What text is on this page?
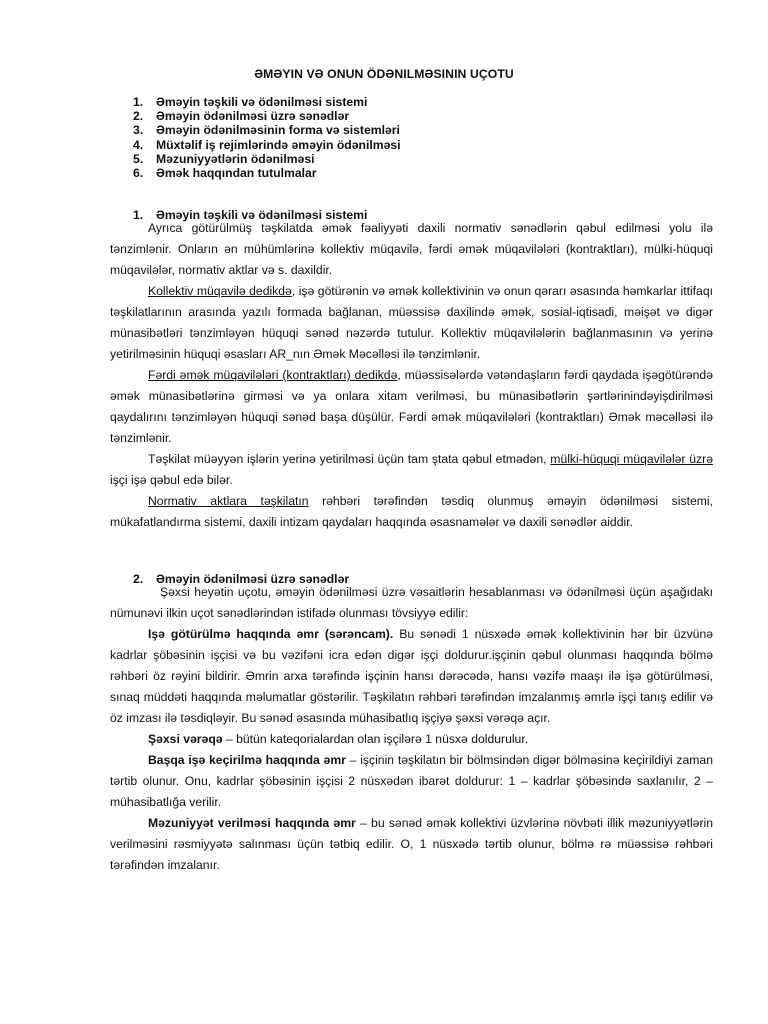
ƏMƏYIN VƏ ONUN ÖDƏNILMƏSININ UÇOTU
1. Əməyin təşkili və ödənilməsi sistemi
2. Əməyin ödənilməsi üzrə sənədlər
3. Əməyin ödənilməsinin forma və sistemləri
4. Müxtəlif iş rejimlərində əməyin ödənilməsi
5. Məzuniyyətlərin ödənilməsi
6. Əmək haqqından tutulmalar
1. Əməyin təşkili və ödənilməsi sistemi

Ayrıca götürülmüş təşkilatda əmək fəaliyyəti daxili normativ sənədlərin qəbul edilməsi yolu ilə tənzimlənir. Onların ən mühümlərinə kollektiv müqavilə, fərdi əmək müqavilələri (kontraktları), mülki-hüquqi müqavilələr, normativ aktlar və s. daxildir.

Kollektiv müqavilə dedikdə, işə götürənin və əmək kollektivinin və onun qərarı əsasında həmkarlar ittifaqı təşkilatlarının arasında yazılı formada bağlanan, müəssisə daxilində əmək, sosial-iqtisadi, məişət və digər münasibətləri tənzimləyən hüquqi sənəd nəzərdə tutulur. Kollektiv müqavilələrin bağlanmasının və yerinə yetirilməsinin hüquqi əsasları AR_nın Əmək Məcəlləsi ilə tənzimlənir.

Fərdi əmək müqavilələri (kontraktları) dedikdə, müəssisələrdə vətəndaşların fərdi qaydada işəgötürəndə əmək münasibətlərinə girməsi və ya onlara xitam verilməsi, bu münasibətlərin şərtlərinindəyişdirilməsi qaydalırını tənzimləyən hüquqi sənəd başa düşülür. Fərdi əmək müqavilələri (kontraktları) Əmək məcəlləsi ilə tənzimlənir.

Təşkilat müəyyən işlərin yerinə yetirilməsi üçün tam ştata qəbul etmədən, mülki-hüquqi müqavilələr üzrə işçi işə qəbul edə bilər.

Normativ aktlara təşkilatın rəhbəri tərəfindən təsdiq olunmuş əməyin ödənilməsi sistemi, mükafatlandırma sistemi, daxili intizam qaydaları haqqında əsasnamələr və daxili sənədlər aiddir.

2. Əməyin ödənilməsi üzrə sənədlər

Şəxsi heyətin uçotu, əməyin ödənilməsi üzrə vəsaitlərin hesablanması və ödənilməsi üçün aşağıdakı nümunəvi ilkin uçot sənədlərindən istifadə olunması tövsiyyə edilir:

Işə götürülmə haqqında əmr (sərəncam). Bu sənədi 1 nüsxədə əmək kollektivinin hər bir üzvünə kadrlar şöbəsinin işçisi və bu vəzifəni icra edən digər işçi doldurur.işçinin qəbul olunması haqqında bölmə rəhbəri öz rəyini bildirir. Əmrin arxa tərəfində işçinin hansı dərəcədə, hansı vəzifə maaşı ilə işə götürülməsi, sınaq müddəti haqqında məlumatlar göstərilir. Təşkilatın rəhbəri tərəfindən imzalanmış əmrlə işçi tanış edilir və öz imzası ilə təsdiqləyir. Bu sənəd əsasında mühasibatlıq işçiyə şəxsi vərəqə açır.

Şəxsi vərəqə – bütün kateqorialardan olan işçilərə 1 nüsxə doldurulur.

Başqa işə keçirilmə haqqında əmr – işçinin təşkilatın bir bölmsindən digər bölməsinə keçirildiyi zaman tərtib olunur. Onu, kadrlar şöbəsinin işçisi 2 nüsxədən ibarət doldurur: 1 – kadrlar şöbəsində saxlanılır, 2 – mühasibatlığa verilir.

Məzuniyyət verilməsi haqqında əmr – bu sənəd əmək kollektivi üzvlərinə növbəti illik məzuniyyətlərin verilməsini rəsmiyyətə salınması üçün tətbiq edilir. O, 1 nüsxədə tərtib olunur, bölmə rə müəssisə rəhbəri tərəfindən imzalanır.
